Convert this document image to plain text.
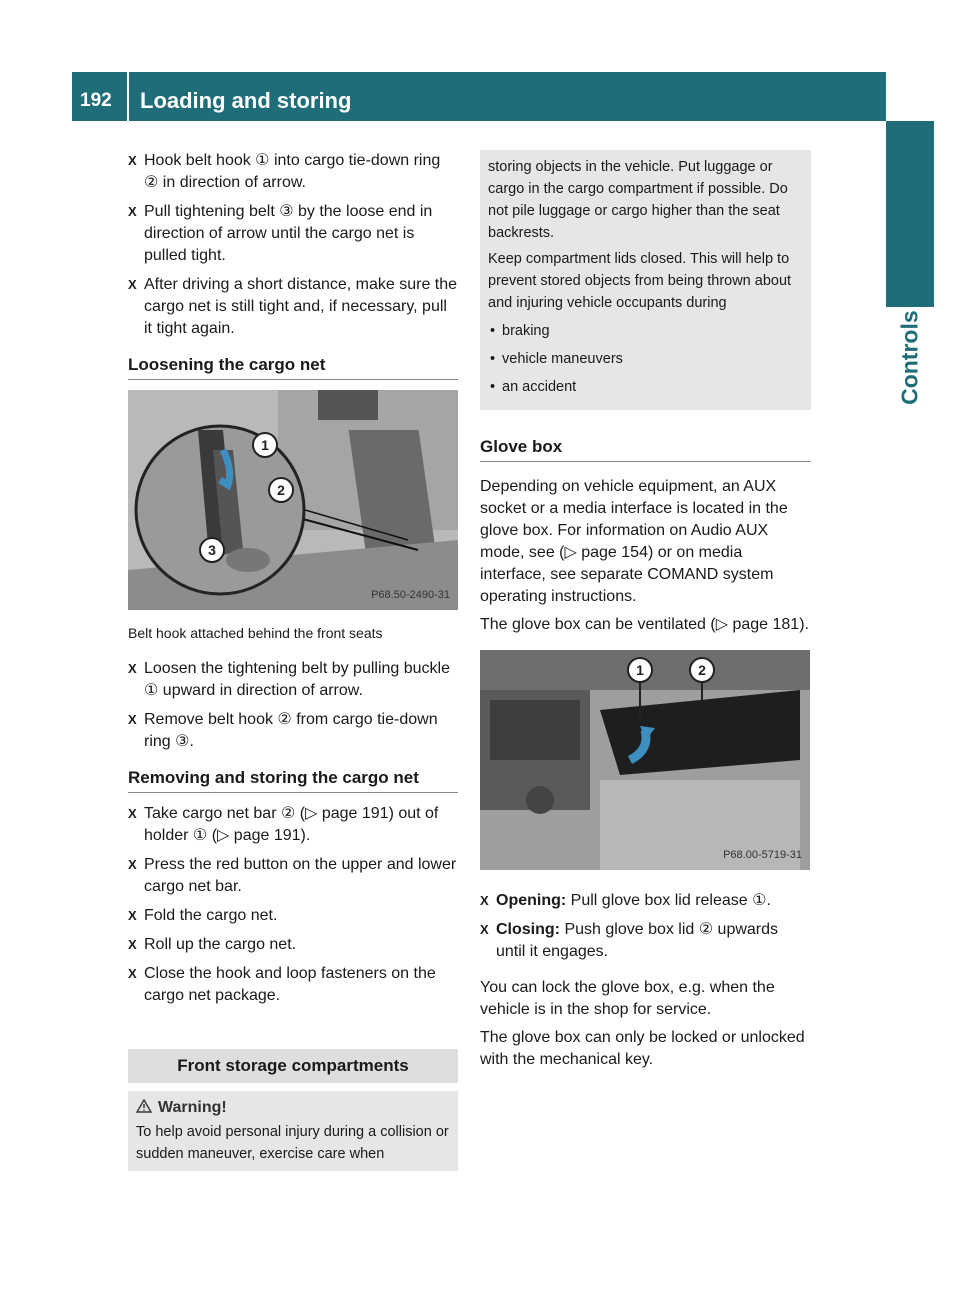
192 Loading and storing
Controls in detail
X Hook belt hook ① into cargo tie-down ring ② in direction of arrow.
X Pull tightening belt ③ by the loose end in direction of arrow until the cargo net is pulled tight.
X After driving a short distance, make sure the cargo net is still tight and, if necessary, pull it tight again.
Loosening the cargo net
1
2
3
P68.50-2490-31
Belt hook attached behind the front seats
X Loosen the tightening belt by pulling buckle ① upward in direction of arrow.
X Remove belt hook ② from cargo tie-down ring ③.
Removing and storing the cargo net
X Take cargo net bar ② (▷ page 191) out of holder ① (▷ page 191).
X Press the red button on the upper and lower cargo net bar.
X Fold the cargo net.
X Roll up the cargo net.
X Close the hook and loop fasteners on the cargo net package.
Front storage compartments
Warning!
To help avoid personal injury during a collision or sudden maneuver, exercise care when

storing objects in the vehicle. Put luggage or cargo in the cargo compartment if possible. Do not pile luggage or cargo higher than the seat backrests.

Keep compartment lids closed. This will help to prevent stored objects from being thrown about and injuring vehicle occupants during

• braking
• vehicle maneuvers
• an accident
Glove box

Depending on vehicle equipment, an AUX socket or a media interface is located in the glove box. For information on Audio AUX mode, see (▷ page 154) or on media interface, see separate COMAND system operating instructions.

The glove box can be ventilated (▷ page 181).

1	2
P68.00-5719-31
X Opening: Pull glove box lid release ①.
X Closing: Push glove box lid ② upwards until it engages.

You can lock the glove box, e.g. when the vehicle is in the shop for service.

The glove box can only be locked or unlocked with the mechanical key.
